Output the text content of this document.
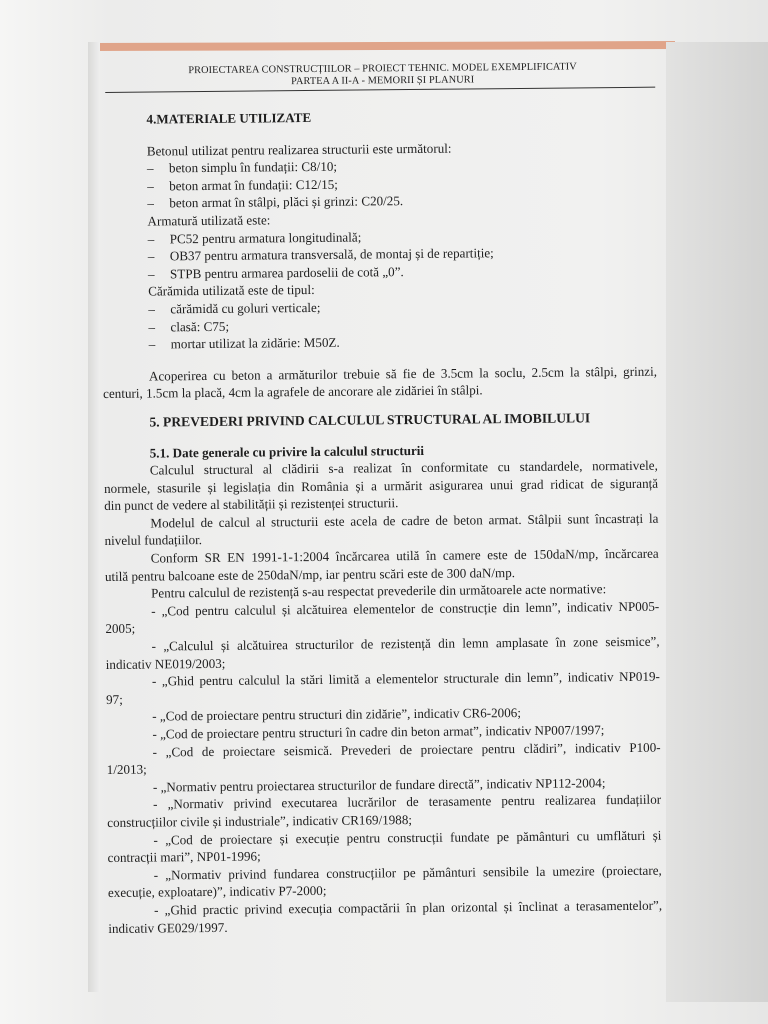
PROIECTAREA CONSTRUCȚIILOR – PROIECT TEHNIC. MODEL EXEMPLIFICATIV
PARTEA A II-A - MEMORII ȘI PLANURI
4.MATERIALE UTILIZATE
Betonul utilizat pentru realizarea structurii este următorul:
– beton simplu în fundații: C8/10;
– beton armat în fundații: C12/15;
– beton armat în stâlpi, plăci și grinzi: C20/25.
Armatură utilizată este:
– PC52 pentru armatura longitudinală;
– OB37 pentru armatura transversală, de montaj și de repartiție;
– STPB pentru armarea pardoselii de cotă „0”.
Cărămida utilizată este de tipul:
– cărămidă cu goluri verticale;
– clasă: C75;
– mortar utilizat la zidărie: M50Z.
Acoperirea cu beton a armăturilor trebuie să fie de 3.5cm la soclu, 2.5cm la stâlpi, grinzi,
centuri, 1.5cm la placă, 4cm la agrafele de ancorare ale zidăriei în stâlpi.
5. PREVEDERI PRIVIND CALCULUL STRUCTURAL AL IMOBILULUI
5.1. Date generale cu privire la calculul structurii
Calculul structural al clădirii s-a realizat în conformitate cu standardele, normativele,
normele, stasurile și legislația din România și a urmărit asigurarea unui grad ridicat de siguranță
din punct de vedere al stabilității și rezistenței structurii.
Modelul de calcul al structurii este acela de cadre de beton armat. Stâlpii sunt încastrați la
nivelul fundațiilor.
Conform SR EN 1991-1-1:2004 încărcarea utilă în camere este de 150daN/mp, încărcarea
utilă pentru balcoane este de 250daN/mp, iar pentru scări este de 300 daN/mp.
Pentru calculul de rezistență s-au respectat prevederile din următoarele acte normative:
- „Cod pentru calculul și alcătuirea elementelor de construcție din lemn”, indicativ NP005-
2005;
- „Calculul și alcătuirea structurilor de rezistență din lemn amplasate în zone seismice”,
indicativ NE019/2003;
- „Ghid pentru calculul la stări limită a elementelor structurale din lemn”, indicativ NP019-
97;
- „Cod de proiectare pentru structuri din zidărie”, indicativ CR6-2006;
- „Cod de proiectare pentru structuri în cadre din beton armat”, indicativ NP007/1997;
- „Cod de proiectare seismică. Prevederi de proiectare pentru clădiri”, indicativ P100-
1/2013;
- „Normativ pentru proiectarea structurilor de fundare directă”, indicativ NP112-2004;
- „Normativ privind executarea lucrărilor de terasamente pentru realizarea fundațiilor
construcțiilor civile și industriale”, indicativ CR169/1988;
- „Cod de proiectare și execuție pentru construcții fundate pe pământuri cu umflături și
contracții mari”, NP01-1996;
- „Normativ privind fundarea construcțiilor pe pământuri sensibile la umezire (proiectare,
execuție, exploatare)”, indicativ P7-2000;
- „Ghid practic privind execuția compactării în plan orizontal și înclinat a terasamentelor”,
indicativ GE029/1997.
